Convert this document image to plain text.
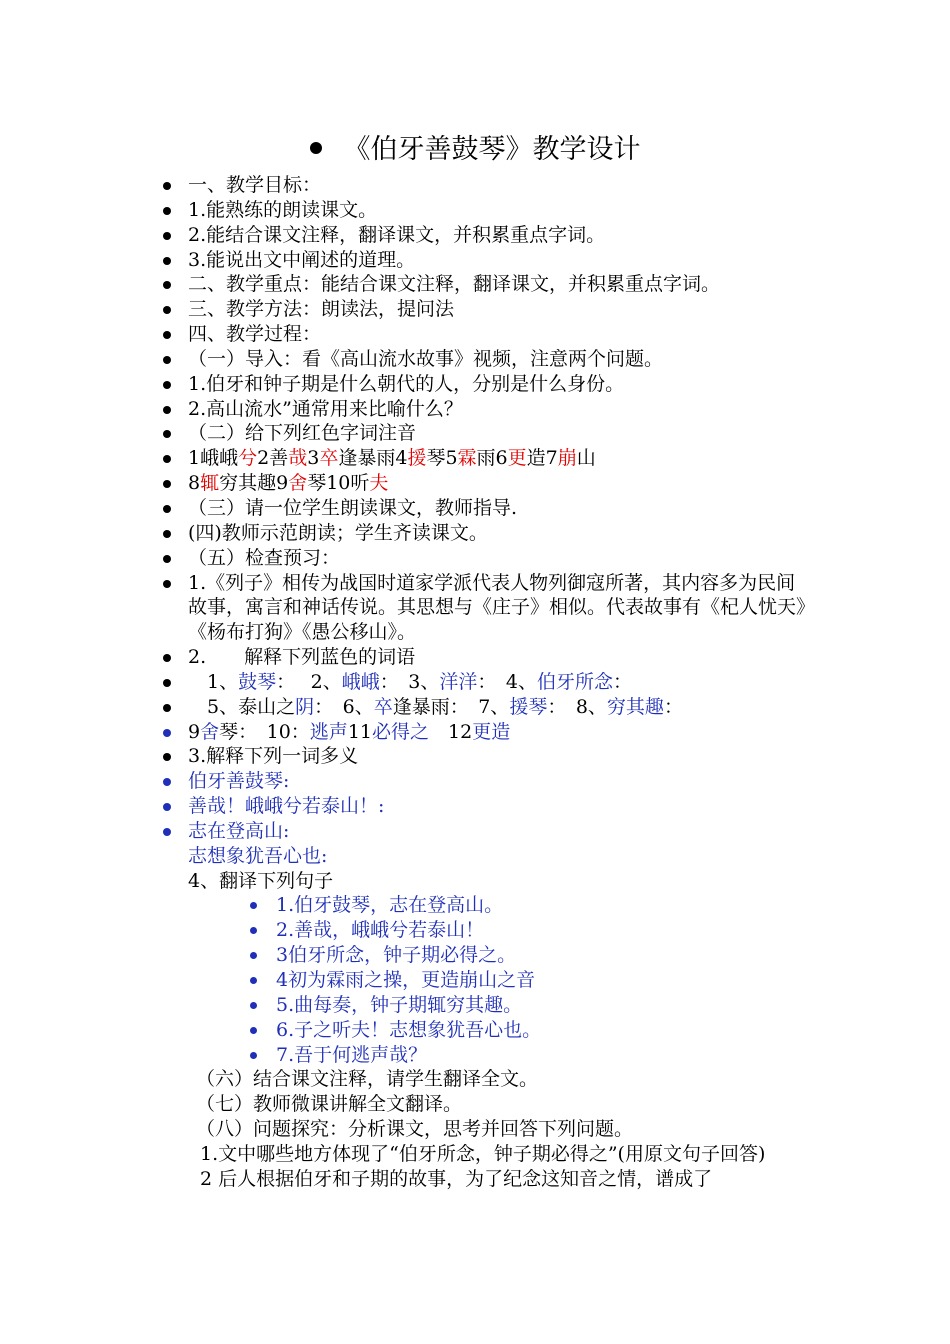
《伯牙善鼓琴》教学设计
一、教学目标：
1.能熟练的朗读课文。
2.能结合课文注释，翻译课文，并积累重点字词。
3.能说出文中阐述的道理。
二、教学重点：能结合课文注释，翻译课文，并积累重点字词。
三、教学方法：朗读法，提问法
四、教学过程：
（一）导入：看《高山流水故事》视频，注意两个问题。
1.伯牙和钟子期是什么朝代的人，分别是什么身份。
2.高山流水”通常用来比喻什么？
（二）给下列红色字词注音
1峨峨兮2善哉3卒逢暴雨4援琴5霖雨6更造7崩山
8辄穷其趣9舍琴10听夫
（三）请一位学生朗读课文，教师指导.
(四)教师示范朗读；学生齐读课文。
（五）检查预习：
1.《列子》相传为战国时道家学派代表人物列御寇所著，其内容多为民间故事，寓言和神话传说。其思想与《庄子》相似。代表故事有《杞人忧天》《杨布打狗》《愚公移山》。
2.　　解释下列蓝色的词语
　1、鼓琴：　 2、峨峨：　3、洋洋：　4、伯牙所念：
　5、泰山之阴：　6、卒逢暴雨：　7、援琴：　8、穷其趣：
9舍琴：　10：逃声11必得之　12更造
3.解释下列一词多义
伯牙善鼓琴:
善哉！峨峨兮若泰山！:
志在登高山:
志想象犹吾心也:
4、翻译下列句子
1.伯牙鼓琴，志在登高山。
2.善哉，峨峨兮若泰山！
3伯牙所念，钟子期必得之。
4初为霖雨之操，更造崩山之音
5.曲每奏，钟子期辄穷其趣。
6.子之听夫！志想象犹吾心也。
7.吾于何逃声哉？
（六）结合课文注释，请学生翻译全文。
（七）教师微课讲解全文翻译。
（八）问题探究：分析课文，思考并回答下列问题。
1.文中哪些地方体现了“伯牙所念，钟子期必得之”(用原文句子回答)
2 后人根据伯牙和子期的故事，为了纪念这知音之情，谱成了
